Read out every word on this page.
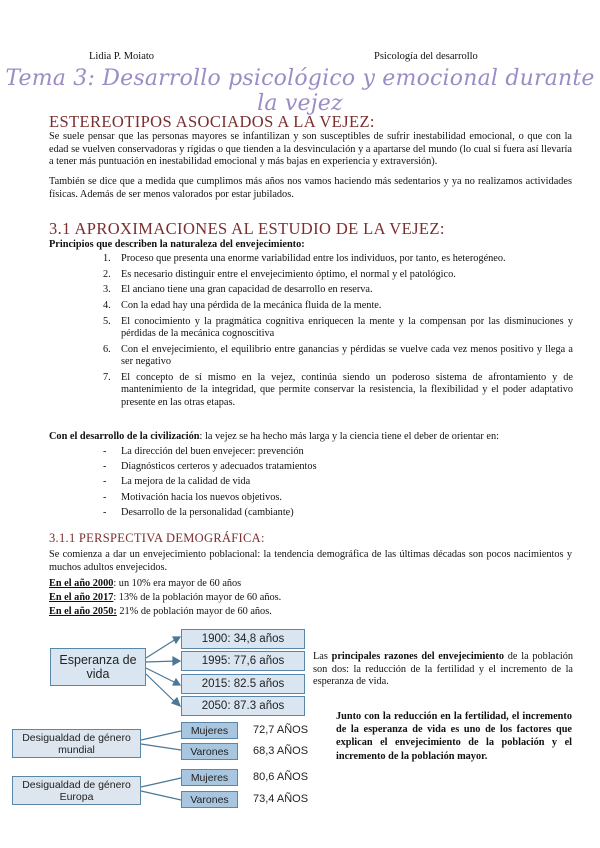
Lidia P. Moiato	Psicología del desarrollo
Tema 3: Desarrollo psicológico y emocional durante la vejez
ESTEREOTIPOS ASOCIADOS A LA VEJEZ:
Se suele pensar que las personas mayores se infantilizan y son susceptibles de sufrir inestabilidad emocional, o que con la edad se vuelven conservadoras y rígidas o que tienden a la desvinculación y a apartarse del mundo (lo cual si fuera así llevaría a tener más puntuación en inestabilidad emocional y más bajas en experiencia y extraversión).
También se dice que a medida que cumplimos más años nos vamos haciendo más sedentarios y ya no realizamos actividades físicas. Además de ser menos valorados por estar jubilados.
3.1 APROXIMACIONES AL ESTUDIO DE LA VEJEZ:
Principios que describen la naturaleza del envejecimiento:
1. Proceso que presenta una enorme variabilidad entre los individuos, por tanto, es heterogéneo.
2. Es necesario distinguir entre el envejecimiento óptimo, el normal y el patológico.
3. El anciano tiene una gran capacidad de desarrollo en reserva.
4. Con la edad hay una pérdida de la mecánica fluida de la mente.
5. El conocimiento y la pragmática cognitiva enriquecen la mente y la compensan por las disminuciones y pérdidas de la mecánica cognoscitiva
6. Con el envejecimiento, el equilibrio entre ganancias y pérdidas se vuelve cada vez menos positivo y llega a ser negativo
7. El concepto de sí mismo en la vejez, continúa siendo un poderoso sistema de afrontamiento y de mantenimiento de la integridad, que permite conservar la resistencia, la flexibilidad y el poder adaptativo presente en las otras etapas.
Con el desarrollo de la civilización: la vejez se ha hecho más larga y la ciencia tiene el deber de orientar en:
- La dirección del buen envejecer: prevención
- Diagnósticos certeros y adecuados tratamientos
- La mejora de la calidad de vida
- Motivación hacia los nuevos objetivos.
- Desarrollo de la personalidad (cambiante)
3.1.1 PERSPECTIVA DEMOGRÁFICA:
Se comienza a dar un envejecimiento poblacional: la tendencia demográfica de las últimas décadas son pocos nacimientos y muchos adultos envejecidos.
En el año 2000: un 10% era mayor de 60 años
En el año 2017: 13% de la población mayor de 60 años.
En el año 2050: 21% de población mayor de 60 años.
Esperanza de vida
1900: 34,8 años
1995: 77,6 años
2015: 82.5 años
2050: 87.3 años
Desigualdad de género mundial
Mujeres	72,7 AÑOS
Varones	68,3 AÑOS
Desigualdad de género Europa
Mujeres	80,6 AÑOS
Varones	73,4 AÑOS
Las principales razones del envejecimiento de la población son dos: la reducción de la fertilidad y el incremento de la esperanza de vida.
Junto con la reducción en la fertilidad, el incremento de la esperanza de vida es uno de los factores que explican el envejecimiento de la población y el incremento de la población mayor.
